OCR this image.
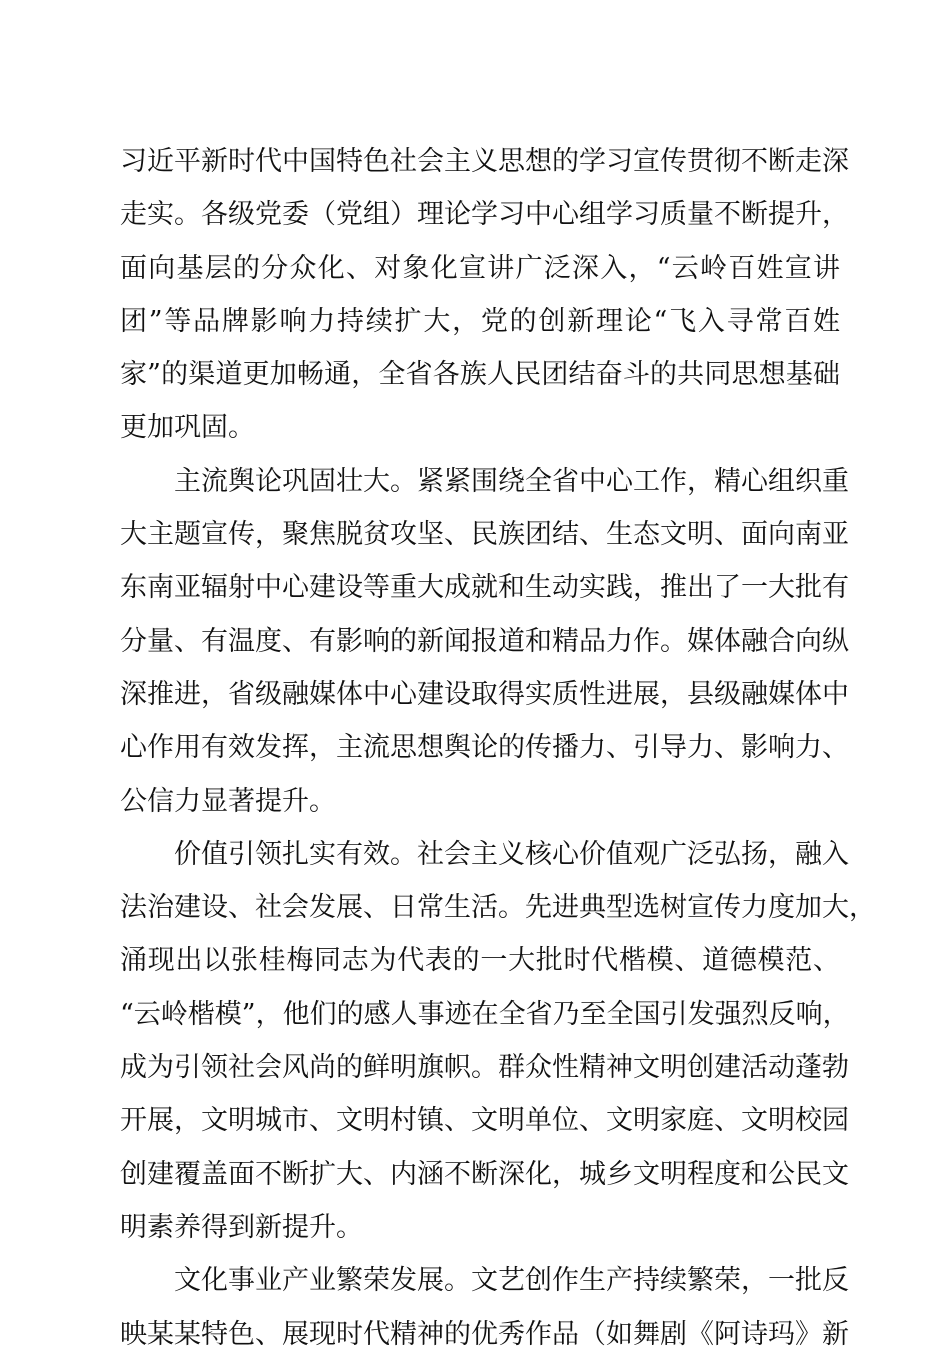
习近平新时代中国特色社会主义思想的学习宣传贯彻不断走深
走实。各级党委（党组）理论学习中心组学习质量不断提升，
面向基层的分众化、对象化宣讲广泛深入，“云岭百姓宣讲
团”等品牌影响力持续扩大，党的创新理论“飞入寻常百姓
家”的渠道更加畅通，全省各族人民团结奋斗的共同思想基础
更加巩固。
主流舆论巩固壮大。紧紧围绕全省中心工作，精心组织重
大主题宣传，聚焦脱贫攻坚、民族团结、生态文明、面向南亚
东南亚辐射中心建设等重大成就和生动实践，推出了一大批有
分量、有温度、有影响的新闻报道和精品力作。媒体融合向纵
深推进，省级融媒体中心建设取得实质性进展，县级融媒体中
心作用有效发挥，主流思想舆论的传播力、引导力、影响力、
公信力显著提升。
价值引领扎实有效。社会主义核心价值观广泛弘扬，融入
法治建设、社会发展、日常生活。先进典型选树宣传力度加大，
涌现出以张桂梅同志为代表的一大批时代楷模、道德模范、
“云岭楷模”，他们的感人事迹在全省乃至全国引发强烈反响，
成为引领社会风尚的鲜明旗帜。群众性精神文明创建活动蓬勃
开展，文明城市、文明村镇、文明单位、文明家庭、文明校园
创建覆盖面不断扩大、内涵不断深化，城乡文明程度和公民文
明素养得到新提升。
文化事业产业繁荣发展。文艺创作生产持续繁荣，一批反
映某某特色、展现时代精神的优秀作品（如舞剧《阿诗玛》新
